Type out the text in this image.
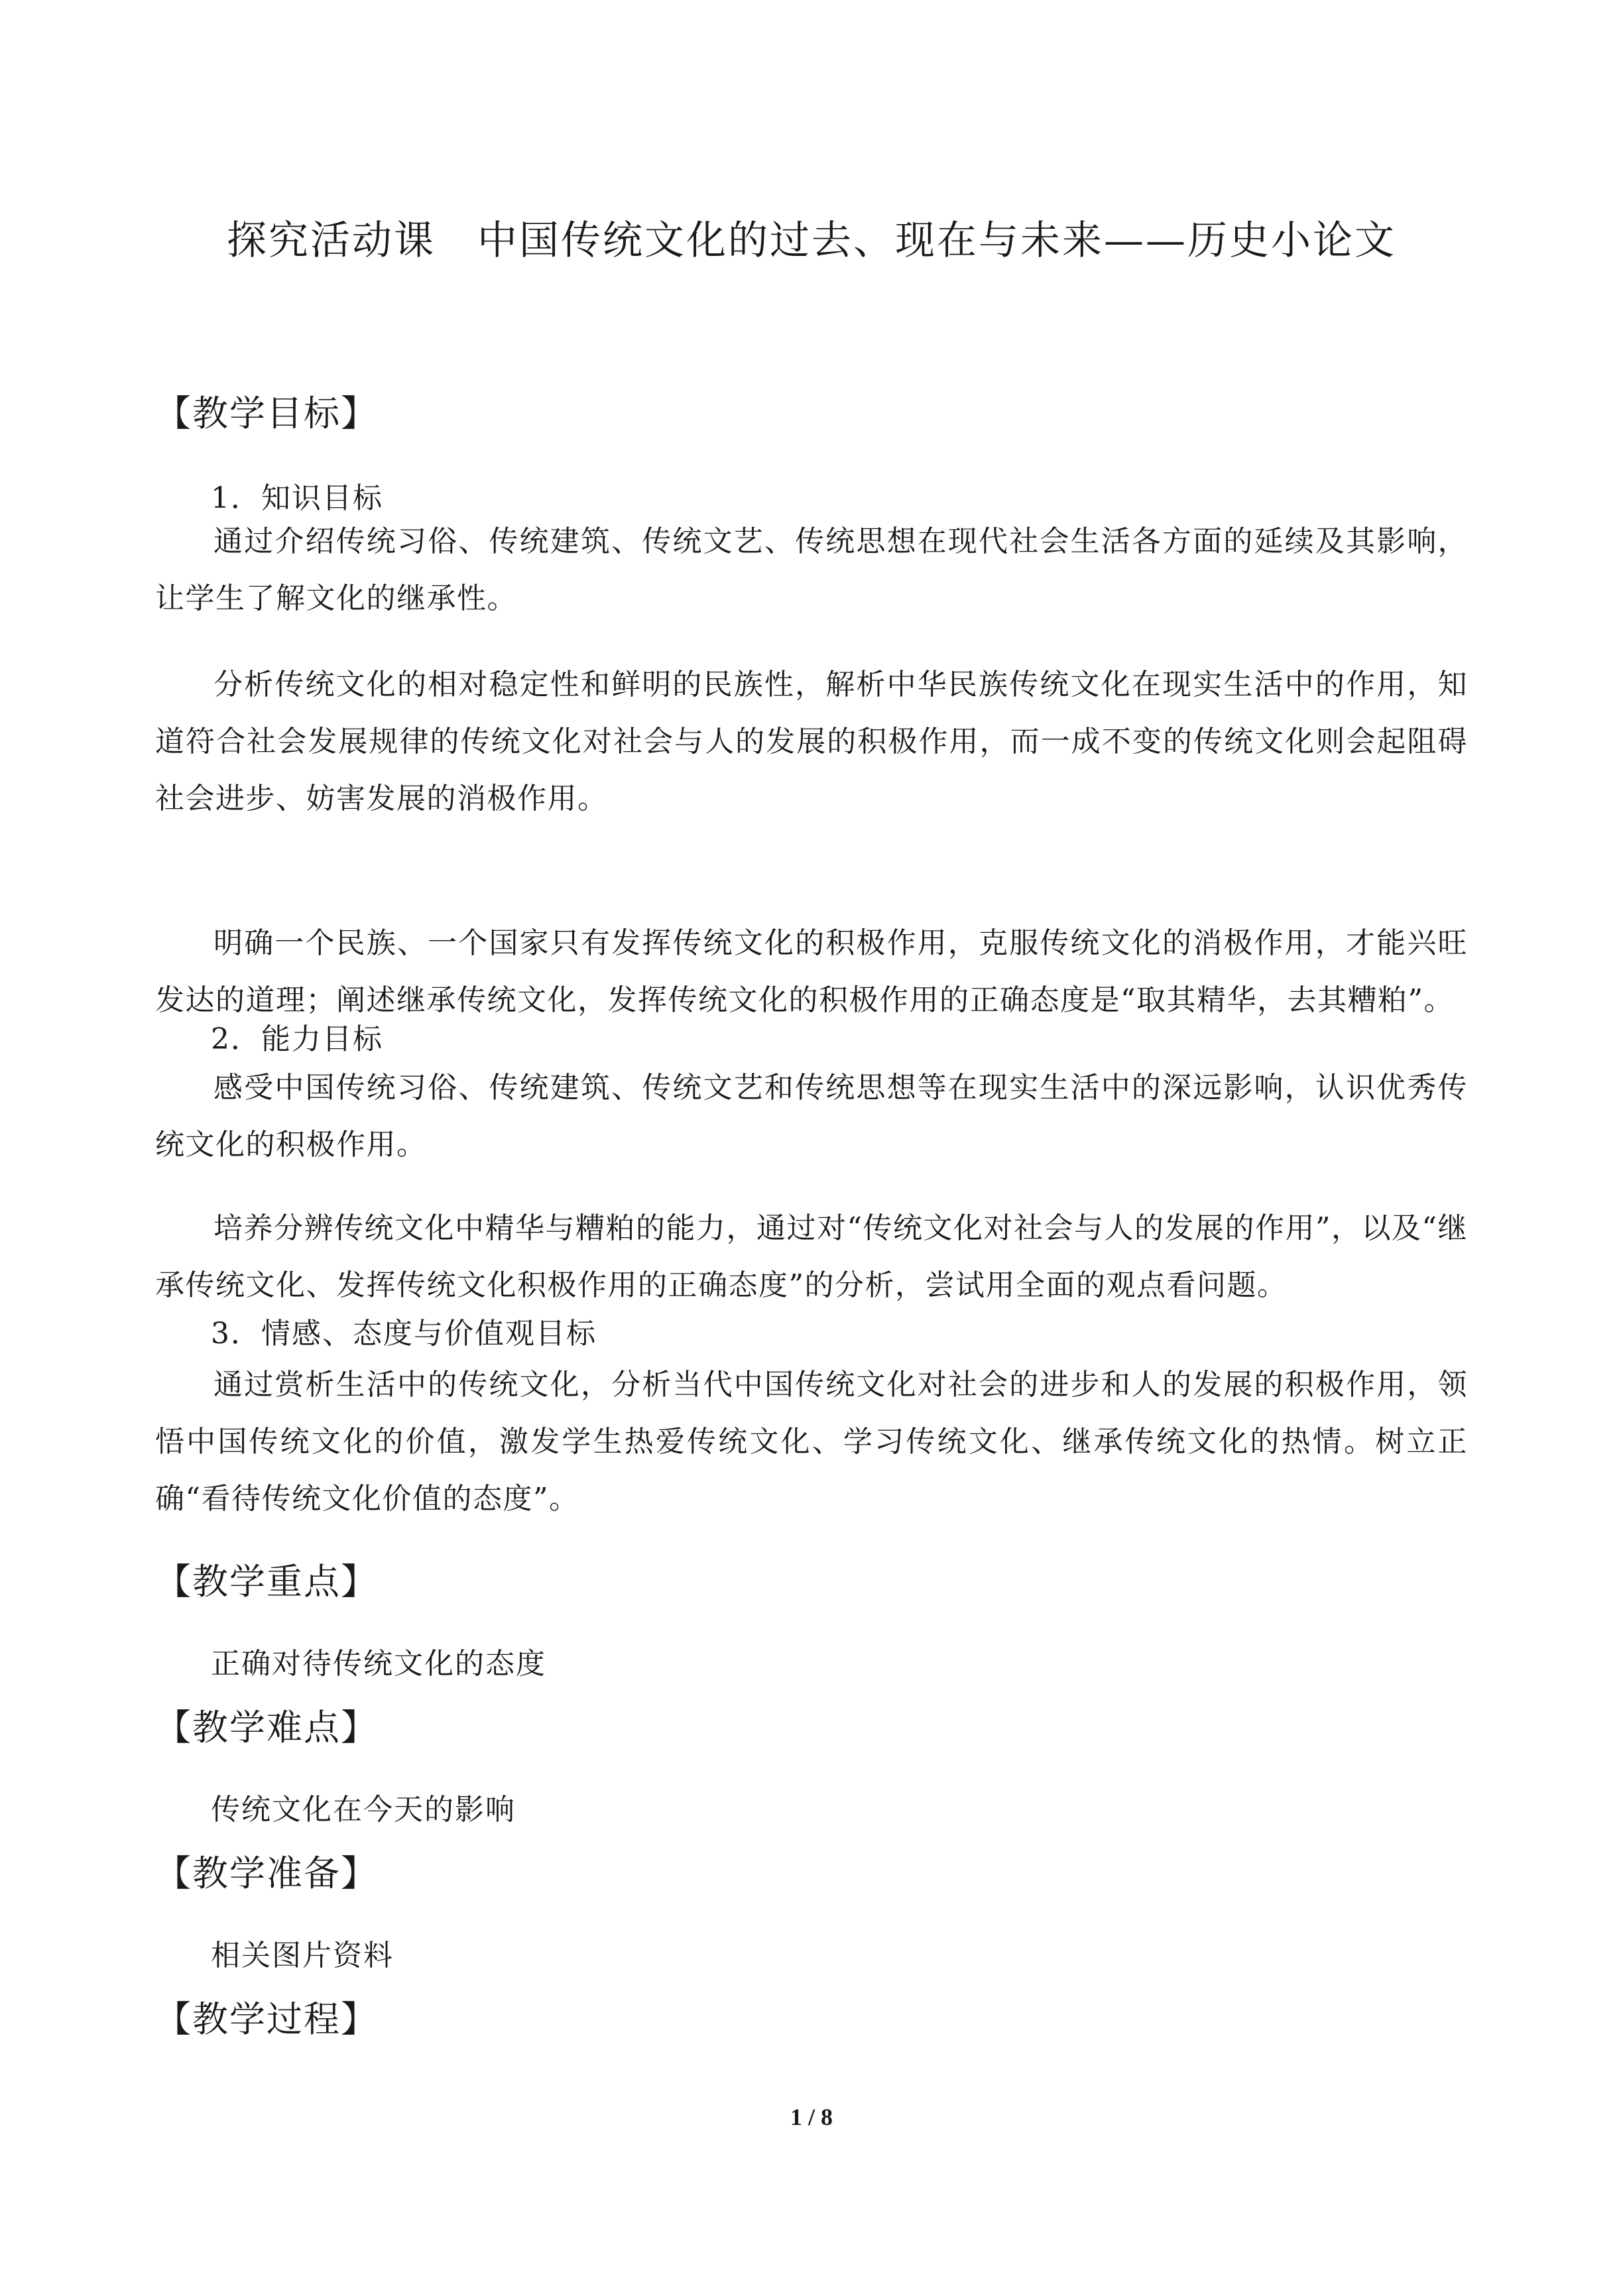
探究活动课　中国传统文化的过去、现在与未来——历史小论文
【教学目标】
1．知识目标
通过介绍传统习俗、传统建筑、传统文艺、传统思想在现代社会生活各方面的延续及其影响，让学生了解文化的继承性。
分析传统文化的相对稳定性和鲜明的民族性，解析中华民族传统文化在现实生活中的作用，知道符合社会发展规律的传统文化对社会与人的发展的积极作用，而一成不变的传统文化则会起阻碍社会进步、妨害发展的消极作用。
明确一个民族、一个国家只有发挥传统文化的积极作用，克服传统文化的消极作用，才能兴旺发达的道理；阐述继承传统文化，发挥传统文化的积极作用的正确态度是“取其精华，去其糟粕”。
2．能力目标
感受中国传统习俗、传统建筑、传统文艺和传统思想等在现实生活中的深远影响，认识优秀传统文化的积极作用。
培养分辨传统文化中精华与糟粕的能力，通过对“传统文化对社会与人的发展的作用”，以及“继承传统文化、发挥传统文化积极作用的正确态度”的分析，尝试用全面的观点看问题。
3．情感、态度与价值观目标
通过赏析生活中的传统文化，分析当代中国传统文化对社会的进步和人的发展的积极作用，领悟中国传统文化的价值，激发学生热爱传统文化、学习传统文化、继承传统文化的热情。树立正确“看待传统文化价值的态度”。
【教学重点】
正确对待传统文化的态度
【教学难点】
传统文化在今天的影响
【教学准备】
相关图片资料
【教学过程】
1 / 8
